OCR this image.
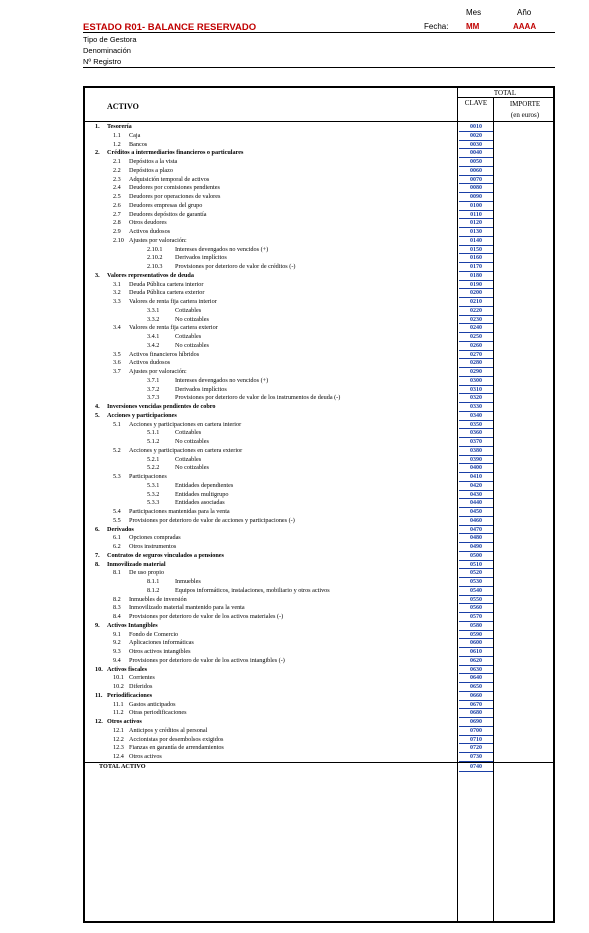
ESTADO R01- BALANCE RESERVADO
Mes	Año
Fecha: MM	AAAA
Tipo de Gestora
Denominación
Nº Registro
ACTIVO
TOTAL
CLAVE	IMPORTE
(en euros)
1. Tesorería	0010
1.1 Caja	0020
1.2 Bancos	0030
2. Créditos a intermediarios financieros o particulares	0040
2.1 Depósitos a la vista	0050
2.2 Depósitos a plazo	0060
2.3 Adquisición temporal de activos	0070
2.4 Deudores por comisiones pendientes	0080
2.5 Deudores por operaciones de valores	0090
2.6 Deudores empresas del grupo	0100
2.7 Deudores depósitos de garantía	0110
2.8 Otros deudores	0120
2.9 Activos dudosos	0130
2.10 Ajustes por valoración:	0140
2.10.1 Intereses devengados no vencidos (+)	0150
2.10.2 Derivados implícitos	0160
2.10.3 Provisiones por deterioro de valor de créditos (-)	0170
3. Valores representativos de deuda	0180
3.1 Deuda Pública cartera interior	0190
3.2 Deuda Pública cartera exterior	0200
3.3 Valores de renta fija cartera interior	0210
3.3.1	Cotizables	0220
3.3.2	No cotizables	0230
3.4 Valores de renta fija cartera exterior	0240
3.4.1	Cotizables	0250
3.4.2	No cotizables	0260
3.5 Activos financieros híbridos	0270
3.6 Activos dudosos	0280
3.7 Ajustes por valoración:	0290
3.7.1	Intereses devengados no vencidos (+)	0300
3.7.2	Derivados implícitos	0310
3.7.3	Provisiones por deterioro de valor de los instrumentos de deuda (-)	0320
4. Inversiones vencidas pendientes de cobro	0330
5. Acciones y participaciones	0340
5.1 Acciones y participaciones en cartera interior	0350
5.1.1	Cotizables	0360
5.1.2	No cotizables	0370
5.2 Acciones y participaciones en cartera exterior	0380
5.2.1	Cotizables	0390
5.2.2	No cotizables	0400
5.3 Participaciones	0410
5.3.1	Entidades dependientes	0420
5.3.2	Entidades multigrupo	0430
5.3.3	Entidades asociadas	0440
5.4 Participaciones mantenidas para la venta	0450
5.5 Provisiones por deterioro de valor de acciones y participaciones (-)	0460
6. Derivados	0470
6.1 Opciones compradas	0480
6.2 Otros instrumentos	0490
7. Contratos de seguros vinculados a pensiones	0500
8. Inmovilizado material	0510
8.1 De uso propio	0520
8.1.1	Inmuebles	0530
8.1.2	Equipos informáticos, instalaciones, mobiliario y otros activos	0540
8.2 Inmuebles de inversión	0550
8.3 Inmovilizado material mantenido para la venta	0560
8.4 Provisiones por deterioro de valor de los activos materiales (-)	0570
9. Activos Intangibles	0580
9.1 Fondo de Comercio	0590
9.2 Aplicaciones informáticas	0600
9.3 Otros activos intangibles	0610
9.4 Provisiones por deterioro de valor de los activos intangibles (-)	0620
10. Activos fiscales	0630
10.1 Corrientes	0640
10.2 Diferidos	0650
11. Periodificaciones	0660
11.1 Gastos anticipados	0670
11.2 Otras periodificaciones	0680
12. Otros activos	0690
12.1 Anticipos y créditos al personal	0700
12.2 Accionistas por desembolsos exigidos	0710
12.3 Fianzas en garantía de arrendamientos	0720
12.4 Otros activos	0730
TOTAL ACTIVO	0740
